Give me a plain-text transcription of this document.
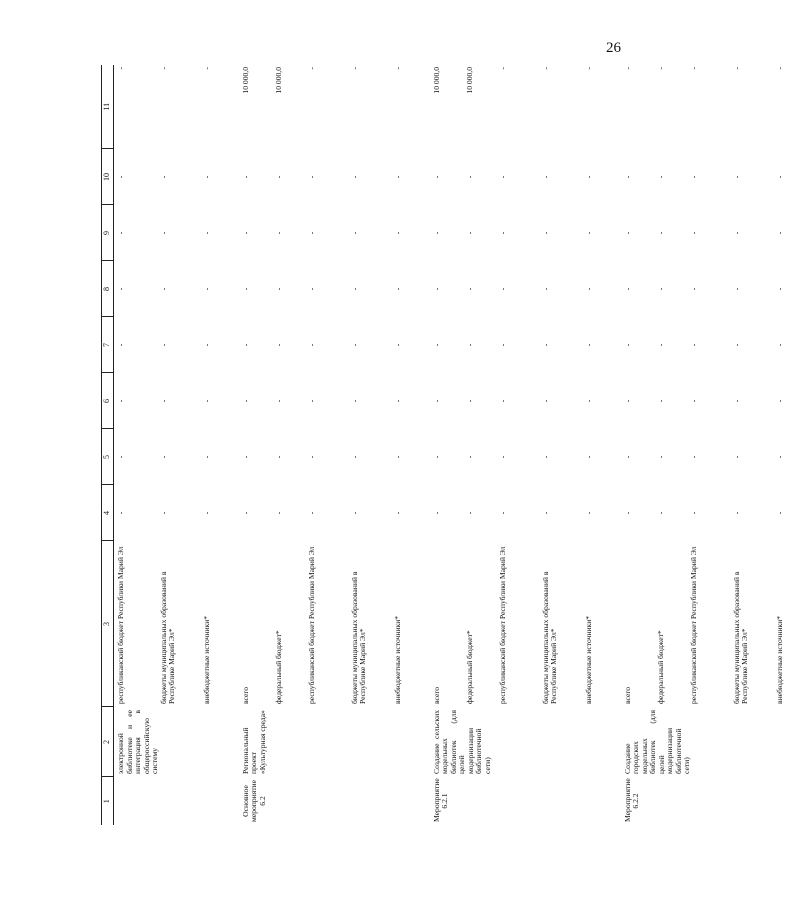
26
1	2	3	4	5	6	7	8	9	10	11
	электронной библиотеке и ее интеграция в общероссийскую систему	республиканский бюджет Республики Марий Эл	-	-	-	-	-	-	-	-
		бюджеты муниципальных образований в Республике Марий Эл*	-	-	-	-	-	-	-	-
		внебюджетные источники*	-	-	-	-	-	-	-	-

Основное мероприятие 6.2	Региональный проект «Культурная среда»	всего	-	-	-	-	-	-	-	10 000,0
		федеральный бюджет*	-	-	-	-	-	-	-	10 000,0
		республиканский бюджет Республики Марий Эл	-	-	-	-	-	-	-	-
		бюджеты муниципальных образований в Республике Марий Эл*	-	-	-	-	-	-	-	-
		внебюджетные источники*	-	-	-	-	-	-	-	-

Мероприятие 6.2.1	Создание сельских модельных библиотек (для целей модернизации библиотечной сети)	всего	-	-	-	-	-	-	-	10 000,0
		федеральный бюджет*	-	-	-	-	-	-	-	10 000,0
		республиканский бюджет Республики Марий Эл	-	-	-	-	-	-	-	-
		бюджеты муниципальных образований в Республике Марий Эл*	-	-	-	-	-	-	-	-
		внебюджетные источники*	-	-	-	-	-	-	-	-

Мероприятие 6.2.2	Создание городских модельных библиотек (для целей модернизации библиотечной сети)	всего	-	-	-	-	-	-	-	-
		федеральный бюджет*	-	-	-	-	-	-	-	-
		республиканский бюджет Республики Марий Эл	-	-	-	-	-	-	-	-
		бюджеты муниципальных образований в Республике Марий Эл*	-	-	-	-	-	-	-	-
		внебюджетные источники*	-	-	-	-	-	-	-	-
